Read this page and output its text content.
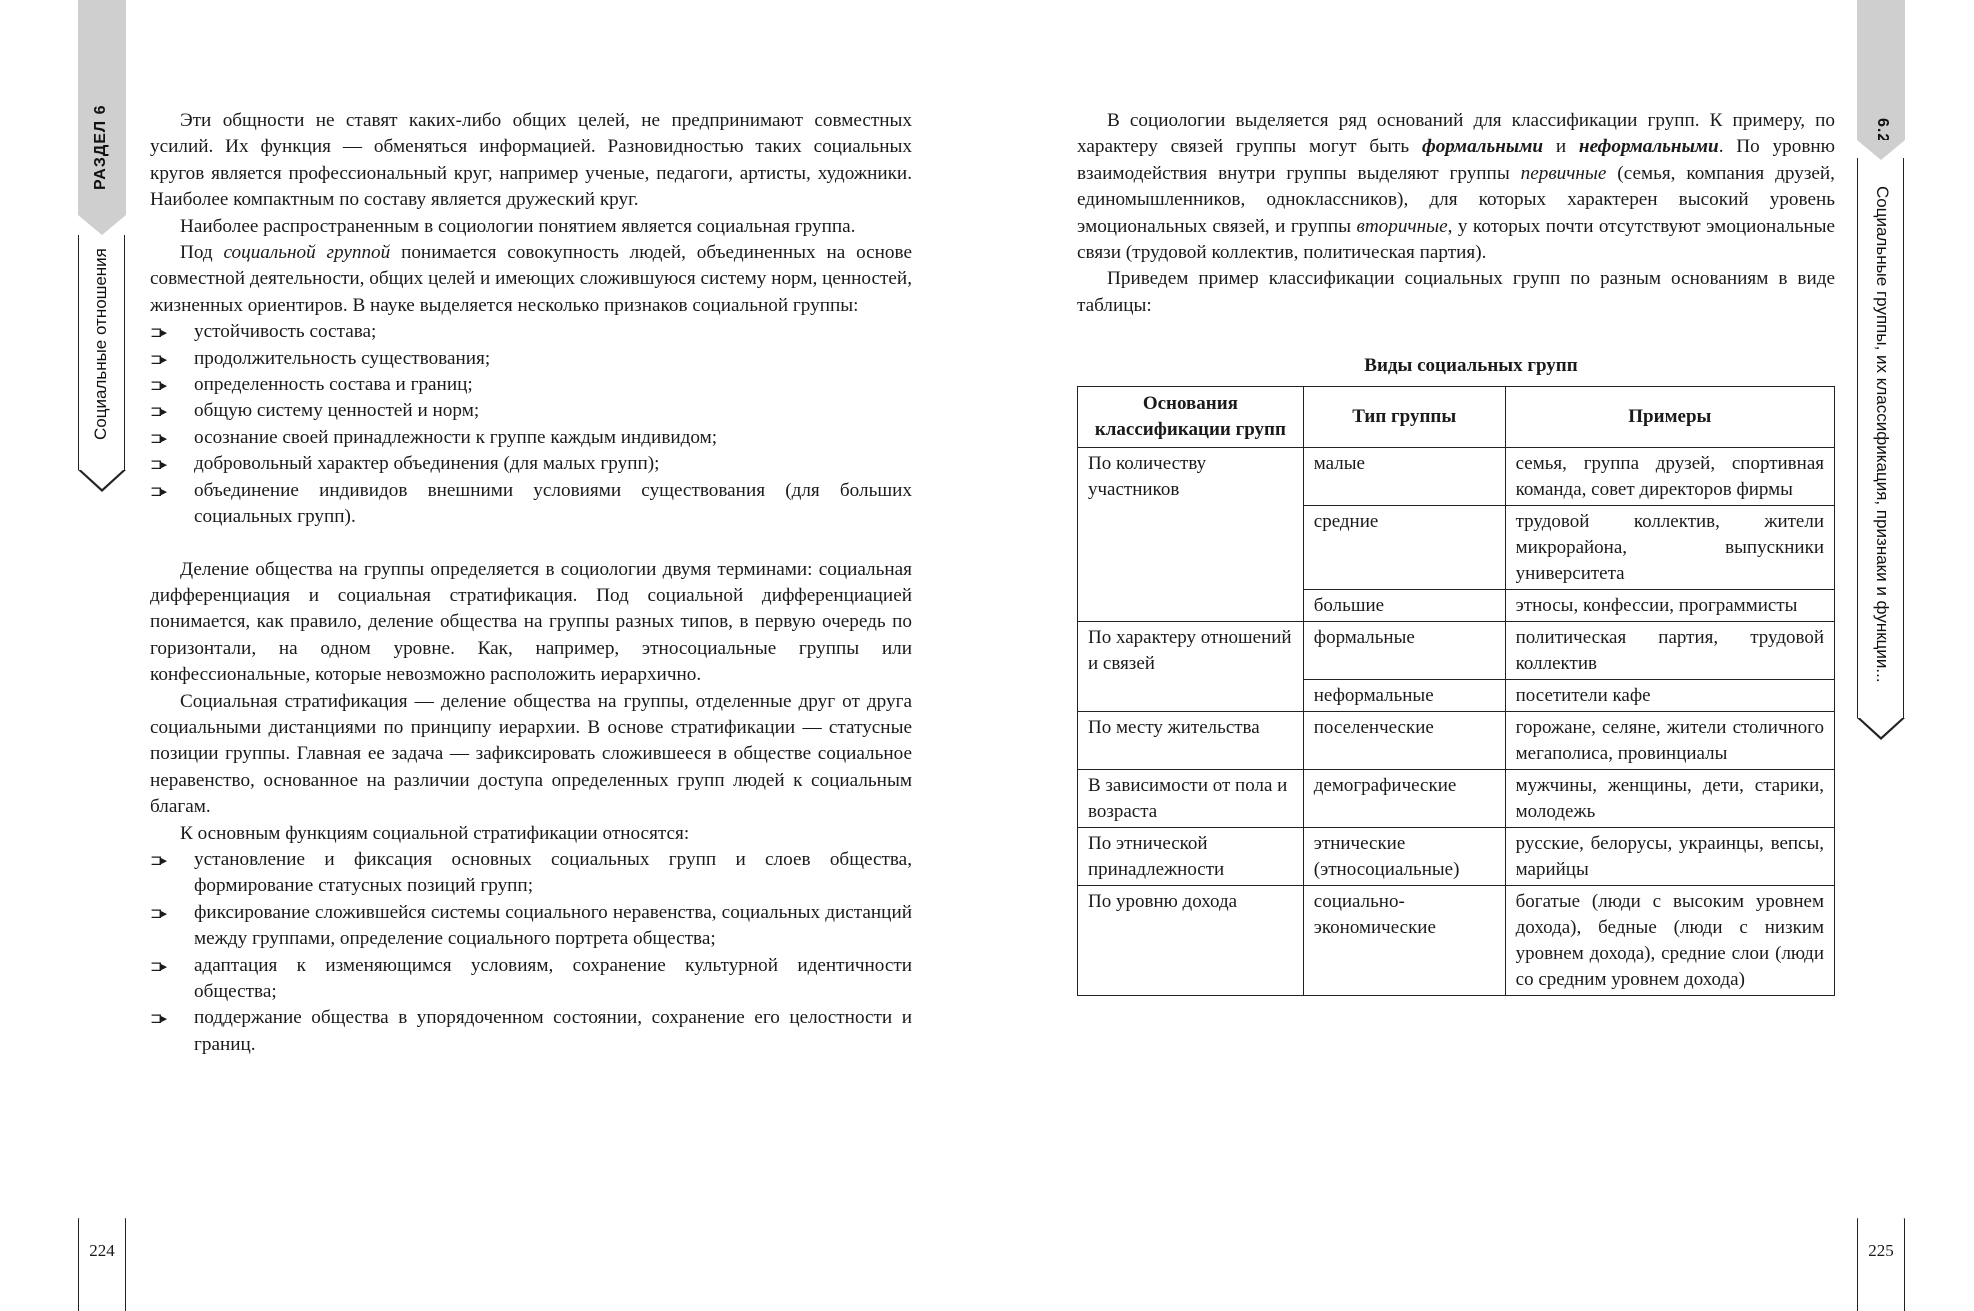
РАЗДЕЛ 6
Социальные отношения

Эти общности не ставят каких-либо общих целей, не предпринимают совместных усилий. Их функция — обменяться информацией. Разновидностью таких социальных кругов является профессиональный круг, например ученые, педагоги, артисты, художники. Наиболее компактным по составу является дружеский круг.

Наиболее распространенным в социологии понятием является социальная группа.

Под социальной группой понимается совокупность людей, объединенных на основе совместной деятельности, общих целей и имеющих сложившуюся систему норм, ценностей, жизненных ориентиров. В науке выделяется несколько признаков социальной группы:

⊐▸ устойчивость состава;
⊐▸ продолжительность существования;
⊐▸ определенность состава и границ;
⊐▸ общую систему ценностей и норм;
⊐▸ осознание своей принадлежности к группе каждым индивидом;
⊐▸ добровольный характер объединения (для малых групп);
⊐▸ объединение индивидов внешними условиями существования (для больших социальных групп).

Деление общества на группы определяется в социологии двумя терминами: социальная дифференциация и социальная стратификация. Под социальной дифференциацией понимается, как правило, деление общества на группы разных типов, в первую очередь по горизонтали, на одном уровне. Как, например, этносоциальные группы или конфессиональные, которые невозможно расположить иерархично.

Социальная стратификация — деление общества на группы, отделенные друг от друга социальными дистанциями по принципу иерархии. В основе стратификации — статусные позиции группы. Главная ее задача — зафиксировать сложившееся в обществе социальное неравенство, основанное на различии доступа определенных групп людей к социальным благам.

К основным функциям социальной стратификации относятся:

⊐▸ установление и фиксация основных социальных групп и слоев общества, формирование статусных позиций групп;
⊐▸ фиксирование сложившейся системы социального неравенства, социальных дистанций между группами, определение социального портрета общества;
⊐▸ адаптация к изменяющимся условиям, сохранение культурной идентичности общества;
⊐▸ поддержание общества в упорядоченном состоянии, сохранение его целостности и границ.
224
6.2
Социальные группы, их классификация, признаки и функции...

В социологии выделяется ряд оснований для классификации групп. К примеру, по характеру связей группы могут быть формальными и неформальными. По уровню взаимодействия внутри группы выделяют группы первичные (семья, компания друзей, единомышленников, одноклассников), для которых характерен высокий уровень эмоциональных связей, и группы вторичные, у которых почти отсутствуют эмоциональные связи (трудовой коллектив, политическая партия).

Приведем пример классификации социальных групп по разным основаниям в виде таблицы:

Виды социальных групп

Основания классификации групп	Тип группы	Примеры
По количеству участников	малые	семья, группа друзей, спортивная команда, совет директоров фирмы
	средние	трудовой коллектив, жители микрорайона, выпускники университета
	большие	этносы, конфессии, программисты
По характеру отношений и связей	формальные	политическая партия, трудовой коллектив
	неформальные	посетители кафе
По месту жительства	поселенческие	горожане, селяне, жители столичного мегаполиса, провинциалы
В зависимости от пола и возраста	демографические	мужчины, женщины, дети, старики, молодежь
По этнической принадлежности	этнические (этносоциальные)	русские, белорусы, украинцы, вепсы, марийцы
По уровню дохода	социально-экономические	богатые (люди с высоким уровнем дохода), бедные (люди с низким уровнем дохода), средние слои (люди со средним уровнем дохода)
225
